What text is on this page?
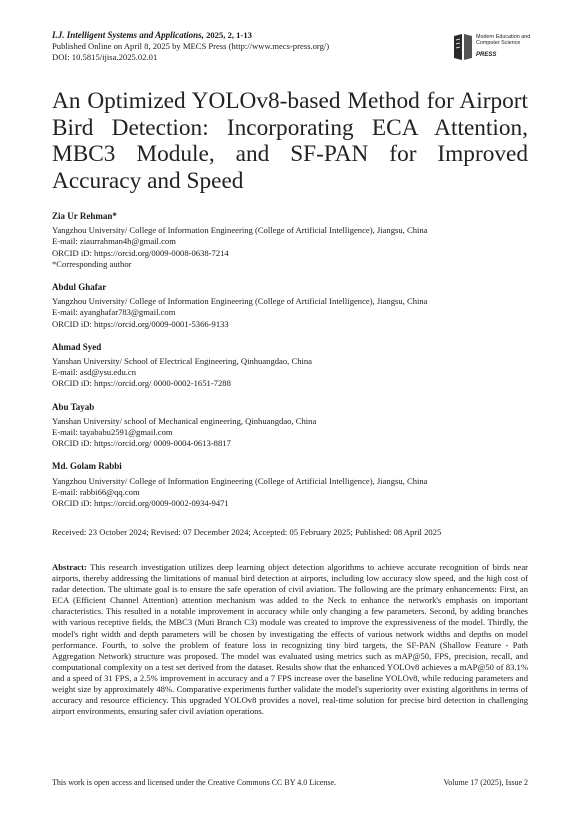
I.J. Intelligent Systems and Applications, 2025, 2, 1-13
Published Online on April 8, 2025 by MECS Press (http://www.mecs-press.org/)
DOI: 10.5815/ijisa.2025.02.01
Modern Education and Computer Science
PRESS
An Optimized YOLOv8-based Method for Airport Bird Detection: Incorporating ECA Attention, MBC3 Module, and SF-PAN for Improved Accuracy and Speed
Zia Ur Rehman*
Yangzhou University/ College of Information Engineering (College of Artificial Intelligence), Jiangsu, China
E-mail: ziaurrahman4h@gmail.com
ORCID iD: https://orcid.org/0009-0008-0638-7214
*Corresponding author
Abdul Ghafar
Yangzhou University/ College of Information Engineering (College of Artificial Intelligence), Jiangsu, China
E-mail: ayanghafar783@gmail.com
ORCID iD: https://orcid.org/0009-0001-5366-9133
Ahmad Syed
Yanshan University/ School of Electrical Engineering, Qinhuangdao, China
E-mail: asd@ysu.edu.cn
ORCID iD: https://orcid.org/ 0000-0002-1651-7288
Abu Tayab
Yanshan University/ school of Mechanical engineering, Qinhuangdao, China
E-mail: tayababu2591@gmail.com
ORCID iD: https://orcid.org/ 0009-0004-0613-8817
Md. Golam Rabbi
Yangzhou University/ College of Information Engineering (College of Artificial Intelligence), Jiangsu, China
E-mail: rabbi66@qq.com
ORCID iD: https://orcid.org/0009-0002-0934-9471
Received: 23 October 2024; Revised: 07 December 2024; Accepted: 05 February 2025; Published: 08 April 2025
Abstract: This research investigation utilizes deep learning object detection algorithms to achieve accurate recognition of birds near airports, thereby addressing the limitations of manual bird detection at airports, including low accuracy slow speed, and the high cost of radar detection. The ultimate goal is to ensure the safe operation of civil aviation. The following are the primary enhancements: First, an ECA (Efficient Channel Attention) attention mechanism was added to the Neck to enhance the network's emphasis on important characteristics. This resulted in a notable improvement in accuracy while only changing a few parameters. Second, by adding branches with various receptive fields, the MBC3 (Muti Branch C3) module was created to improve the expressiveness of the model. Thirdly, the model's right width and depth parameters will be chosen by investigating the effects of various network widths and depths on model performance. Fourth, to solve the problem of feature loss in recognizing tiny bird targets, the SF-PAN (Shallow Feature - Path Aggregation Network) structure was proposed. The model was evaluated using metrics such as mAP@50, FPS, precision, recall, and computational complexity on a test set derived from the dataset. Results show that the enhanced YOLOv8 achieves a mAP@50 of 83.1% and a speed of 31 FPS, a 2.5% improvement in accuracy and a 7 FPS increase over the baseline YOLOv8, while reducing parameters and weight size by approximately 48%. Comparative experiments further validate the model's superiority over existing algorithms in terms of accuracy and resource efficiency. This upgraded YOLOv8 provides a novel, real-time solution for precise bird detection in challenging airport environments, ensuring safer civil aviation operations.
This work is open access and licensed under the Creative Commons CC BY 4.0 License.	Volume 17 (2025), Issue 2
